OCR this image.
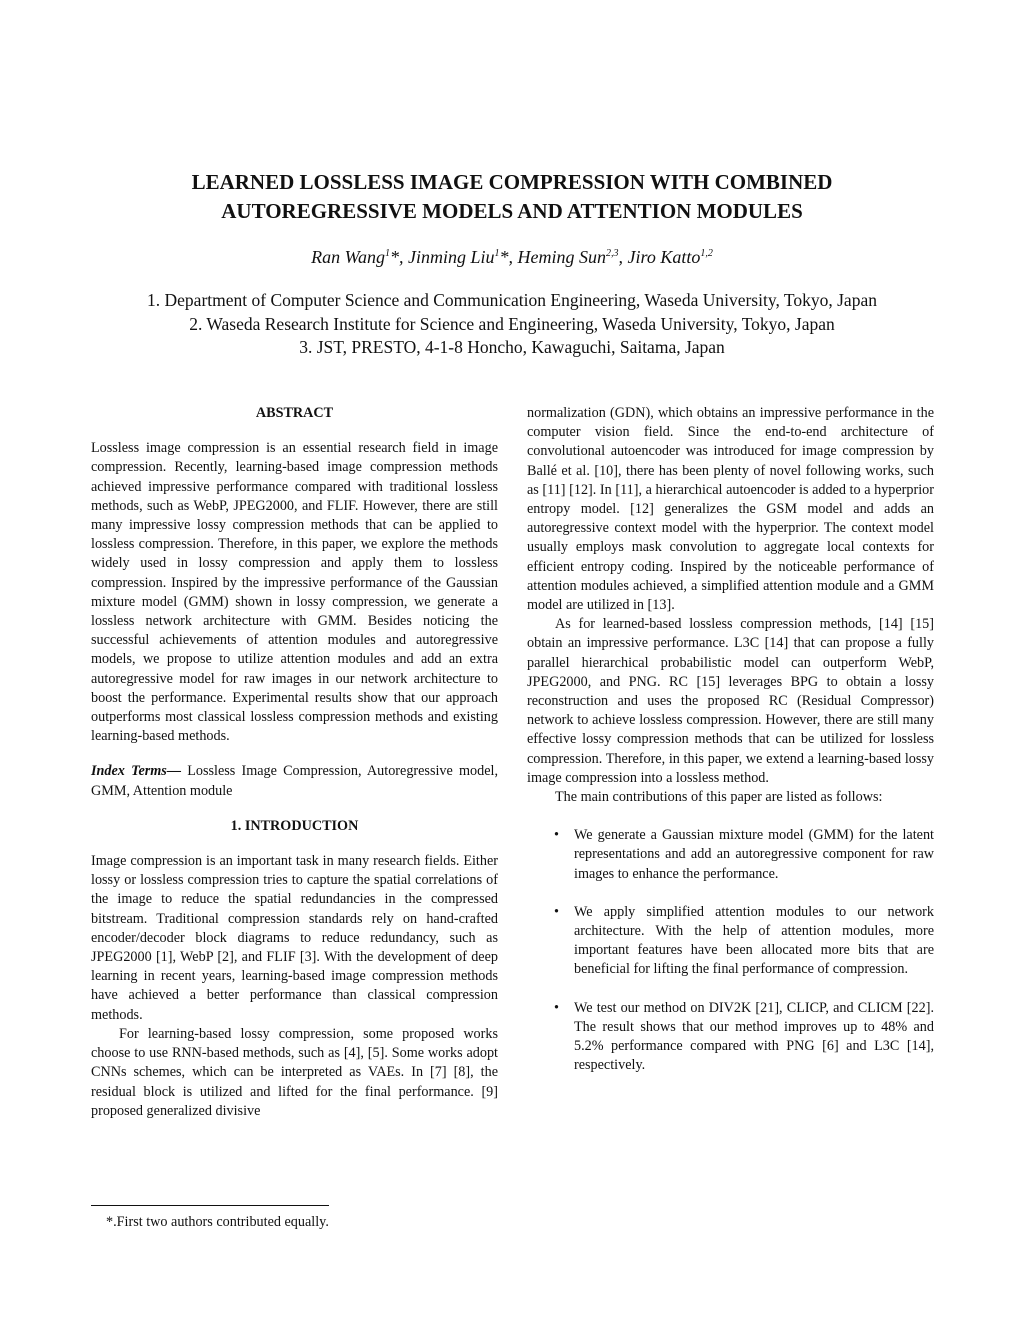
LEARNED LOSSLESS IMAGE COMPRESSION WITH COMBINED
AUTOREGRESSIVE MODELS AND ATTENTION MODULES
Ran Wang$^1$*, Jinming Liu$^1$*, Heming Sun$^{2,3}$, Jiro Katto$^{1,2}$
1. Department of Computer Science and Communication Engineering, Waseda University, Tokyo, Japan
2. Waseda Research Institute for Science and Engineering, Waseda University, Tokyo, Japan
3. JST, PRESTO, 4-1-8 Honcho, Kawaguchi, Saitama, Japan
ABSTRACT

Lossless image compression is an essential research field in image compression. Recently, learning-based image compression methods achieved impressive performance compared with traditional lossless methods, such as WebP, JPEG2000, and FLIF. However, there are still many impressive lossy compression methods that can be applied to lossless compression. Therefore, in this paper, we explore the methods widely used in lossy compression and apply them to lossless compression. Inspired by the impressive performance of the Gaussian mixture model (GMM) shown in lossy compression, we generate a lossless network architecture with GMM. Besides noticing the successful achievements of attention modules and autoregressive models, we propose to utilize attention modules and add an extra autoregressive model for raw images in our network architecture to boost the performance. Experimental results show that our approach outperforms most classical lossless compression methods and existing learning-based methods.

Index Terms— Lossless Image Compression, Autoregressive model, GMM, Attention module

1. INTRODUCTION

Image compression is an important task in many research fields. Either lossy or lossless compression tries to capture the spatial correlations of the image to reduce the spatial redundancies in the compressed bitstream. Traditional compression standards rely on hand-crafted encoder/decoder block diagrams to reduce redundancy, such as JPEG2000 [1], WebP [2], and FLIF [3]. With the development of deep learning in recent years, learning-based image compression methods have achieved a better performance than classical compression methods.

For learning-based lossy compression, some proposed works choose to use RNN-based methods, such as [4], [5]. Some works adopt CNNs schemes, which can be interpreted as VAEs. In [7] [8], the residual block is utilized and lifted for the final performance. [9] proposed generalized divisive

normalization (GDN), which obtains an impressive performance in the computer vision field. Since the end-to-end architecture of convolutional autoencoder was introduced for image compression by Ballé et al. [10], there has been plenty of novel following works, such as [11] [12]. In [11], a hierarchical autoencoder is added to a hyperprior entropy model. [12] generalizes the GSM model and adds an autoregressive context model with the hyperprior. The context model usually employs mask convolution to aggregate local contexts for efficient entropy coding. Inspired by the noticeable performance of attention modules achieved, a simplified attention module and a GMM model are utilized in [13].

As for learned-based lossless compression methods, [14] [15] obtain an impressive performance. L3C [14] that can propose a fully parallel hierarchical probabilistic model can outperform WebP, JPEG2000, and PNG. RC [15] leverages BPG to obtain a lossy reconstruction and uses the proposed RC (Residual Compressor) network to achieve lossless compression. However, there are still many effective lossy compression methods that can be utilized for lossless compression. Therefore, in this paper, we extend a learning-based lossy image compression into a lossless method.

The main contributions of this paper are listed as follows:

• We generate a Gaussian mixture model (GMM) for the latent representations and add an autoregressive component for raw images to enhance the performance.
• We apply simplified attention modules to our network architecture. With the help of attention modules, more important features have been allocated more bits that are beneficial for lifting the final performance of compression.
• We test our method on DIV2K [21], CLICP, and CLICM [22]. The result shows that our method improves up to 48% and 5.2% performance compared with PNG [6] and L3C [14], respectively.
*.First two authors contributed equally.
